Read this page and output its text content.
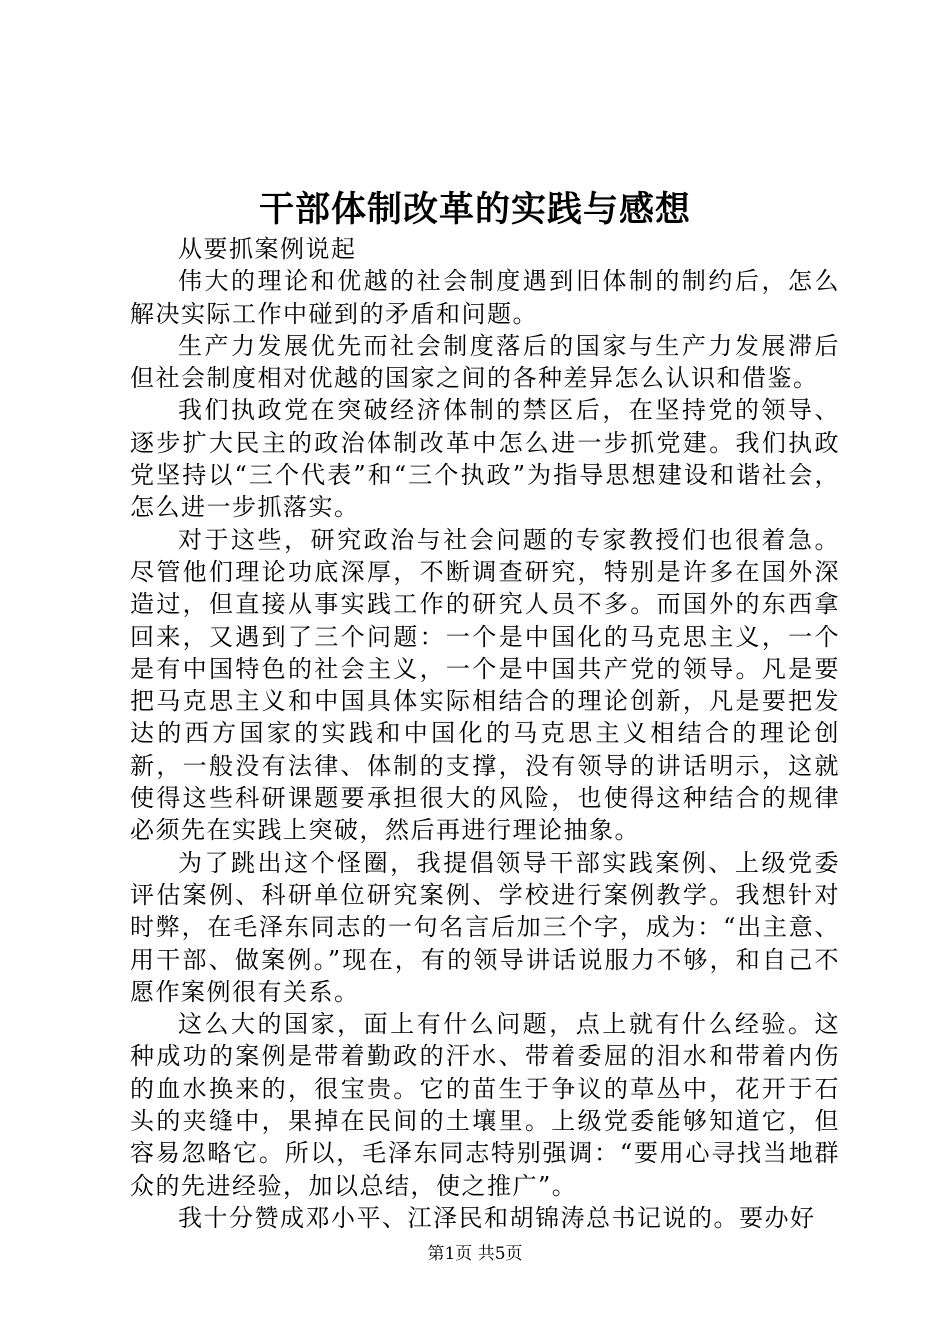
干部体制改革的实践与感想

从要抓案例说起

伟大的理论和优越的社会制度遇到旧体制的制约后，怎么解决实际工作中碰到的矛盾和问题。

生产力发展优先而社会制度落后的国家与生产力发展滞后但社会制度相对优越的国家之间的各种差异怎么认识和借鉴。

我们执政党在突破经济体制的禁区后，在坚持党的领导、逐步扩大民主的政治体制改革中怎么进一步抓党建。我们执政党坚持以“三个代表”和“三个执政”为指导思想建设和谐社会，怎么进一步抓落实。

对于这些，研究政治与社会问题的专家教授们也很着急。尽管他们理论功底深厚，不断调查研究，特别是许多在国外深造过，但直接从事实践工作的研究人员不多。而国外的东西拿回来，又遇到了三个问题：一个是中国化的马克思主义，一个是有中国特色的社会主义，一个是中国共产党的领导。凡是要把马克思主义和中国具体实际相结合的理论创新，凡是要把发达的西方国家的实践和中国化的马克思主义相结合的理论创新，一般没有法律、体制的支撑，没有领导的讲话明示，这就使得这些科研课题要承担很大的风险，也使得这种结合的规律必须先在实践上突破，然后再进行理论抽象。

为了跳出这个怪圈，我提倡领导干部实践案例、上级党委评估案例、科研单位研究案例、学校进行案例教学。我想针对时弊，在毛泽东同志的一句名言后加三个字，成为：“出主意、用干部、做案例。”现在，有的领导讲话说服力不够，和自己不愿作案例很有关系。

这么大的国家，面上有什么问题，点上就有什么经验。这种成功的案例是带着勤政的汗水、带着委屈的泪水和带着内伤的血水换来的，很宝贵。它的苗生于争议的草丛中，花开于石头的夹缝中，果掉在民间的土壤里。上级党委能够知道它，但容易忽略它。所以，毛泽东同志特别强调：“要用心寻找当地群众的先进经验，加以总结，使之推广”。

我十分赞成邓小平、江泽民和胡锦涛总书记说的。要办好

第1页 共5页
